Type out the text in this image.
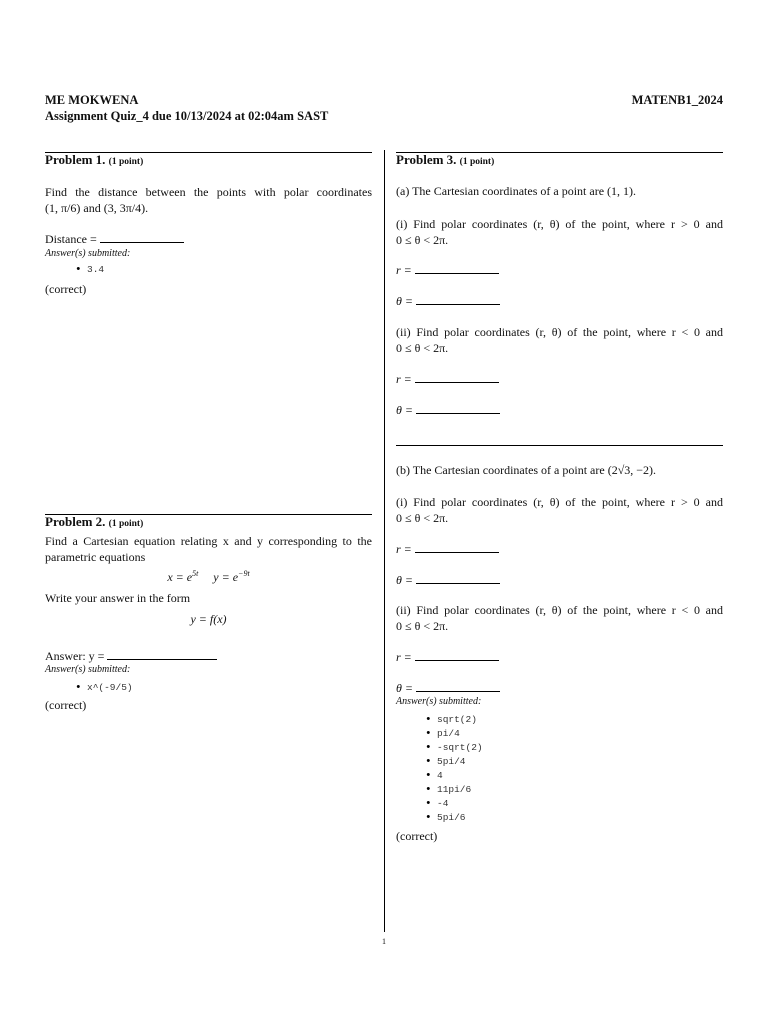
ME MOKWENA
Assignment Quiz_4 due 10/13/2024 at 02:04am SAST
MATENB1_2024
Problem 1. (1 point)
Find the distance between the points with polar coordinates
(1, π/6) and (3, 3π/4).
Distance =
Answer(s) submitted:
• 3.4
(correct)
Problem 2. (1 point)
Find a Cartesian equation relating x and y corresponding to the
parametric equations
$x = e^{5t}$ $y = e^{-9t}$
Write your answer in the form
y = f(x)
Answer: y =
Answer(s) submitted:
• x^(-9/5)
(correct)
Problem 3. (1 point)
(a) The Cartesian coordinates of a point are (1, 1).
(i) Find polar coordinates (r, θ) of the point, where r > 0 and
0 ≤ θ < 2π.
r =
θ =
(ii) Find polar coordinates (r, θ) of the point, where r < 0 and
0 ≤ θ < 2π.
r =
θ =
(b) The Cartesian coordinates of a point are (2√3, −2).
(i) Find polar coordinates (r, θ) of the point, where r > 0 and
0 ≤ θ < 2π.
r =
θ =
(ii) Find polar coordinates (r, θ) of the point, where r < 0 and
0 ≤ θ < 2π.
r =
θ =
Answer(s) submitted:
• sqrt(2)
• pi/4
• -sqrt(2)
• 5pi/4
• 4
• 11pi/6
• -4
• 5pi/6
(correct)
1
